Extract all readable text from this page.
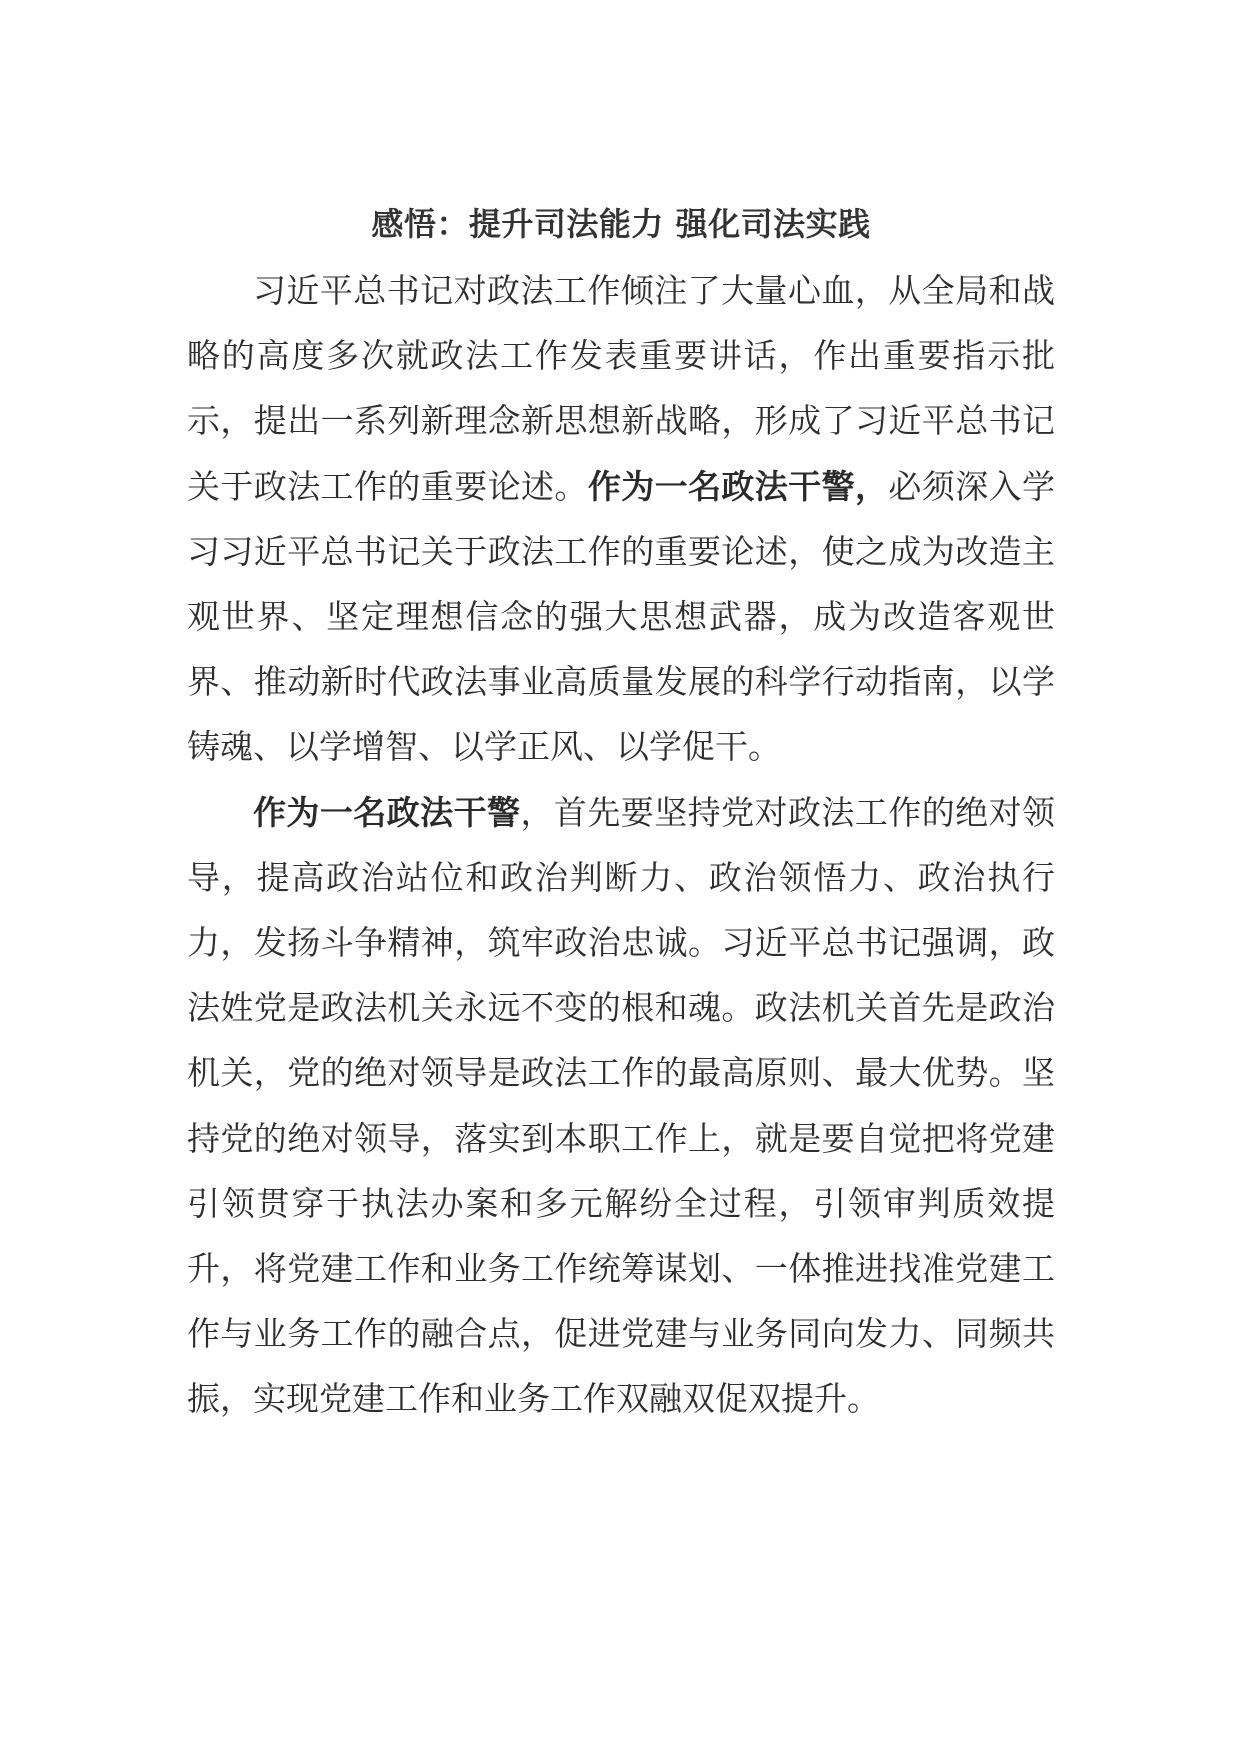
感悟：提升司法能力 强化司法实践

习近平总书记对政法工作倾注了大量心血，从全局和战略的高度多次就政法工作发表重要讲话，作出重要指示批示，提出一系列新理念新思想新战略，形成了习近平总书记关于政法工作的重要论述。作为一名政法干警，必须深入学习习近平总书记关于政法工作的重要论述，使之成为改造主观世界、坚定理想信念的强大思想武器，成为改造客观世界、推动新时代政法事业高质量发展的科学行动指南，以学铸魂、以学增智、以学正风、以学促干。

作为一名政法干警，首先要坚持党对政法工作的绝对领导，提高政治站位和政治判断力、政治领悟力、政治执行力，发扬斗争精神，筑牢政治忠诚。习近平总书记强调，政法姓党是政法机关永远不变的根和魂。政法机关首先是政治机关，党的绝对领导是政法工作的最高原则、最大优势。坚持党的绝对领导，落实到本职工作上，就是要自觉把将党建引领贯穿于执法办案和多元解纷全过程，引领审判质效提升，将党建工作和业务工作统筹谋划、一体推进找准党建工作与业务工作的融合点，促进党建与业务同向发力、同频共振，实现党建工作和业务工作双融双促双提升。
